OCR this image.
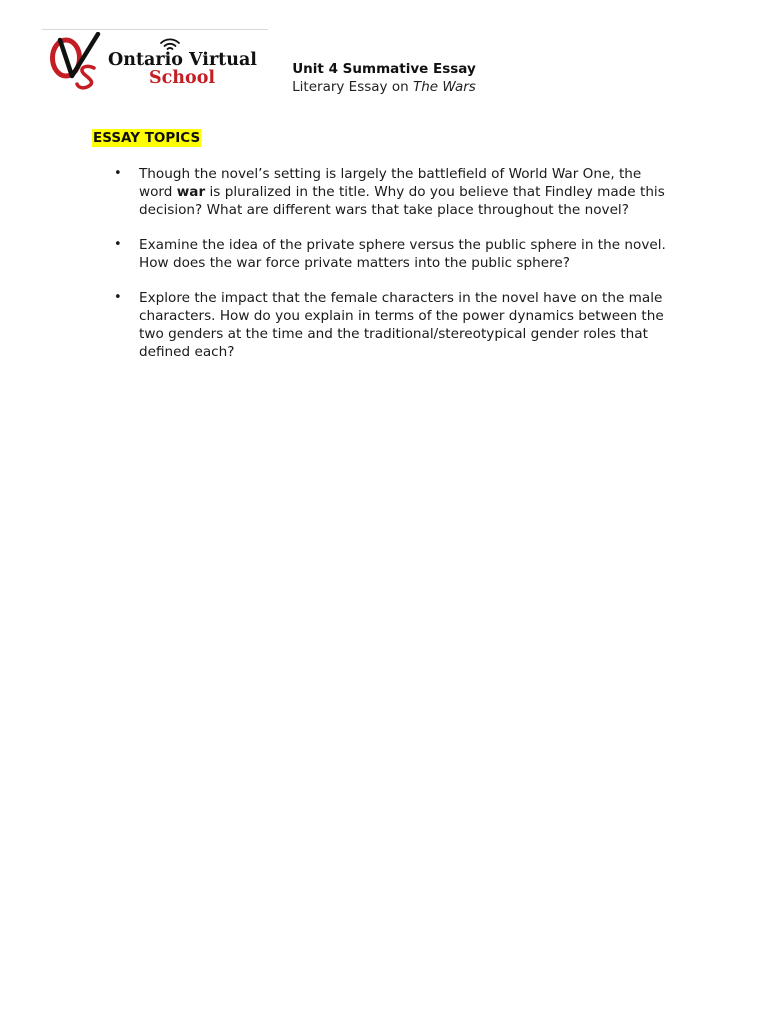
Ontario Virtual
School	Unit 4 Summative Essay
Literary Essay on The Wars
ESSAY TOPICS
• Though the novel’s setting is largely the battlefield of World War One, the word war is pluralized in the title. Why do you believe that Findley made this decision? What are different wars that take place throughout the novel?
• Examine the idea of the private sphere versus the public sphere in the novel. How does the war force private matters into the public sphere?
• Explore the impact that the female characters in the novel have on the male characters. How do you explain in terms of the power dynamics between the two genders at the time and the traditional/stereotypical gender roles that defined each?
